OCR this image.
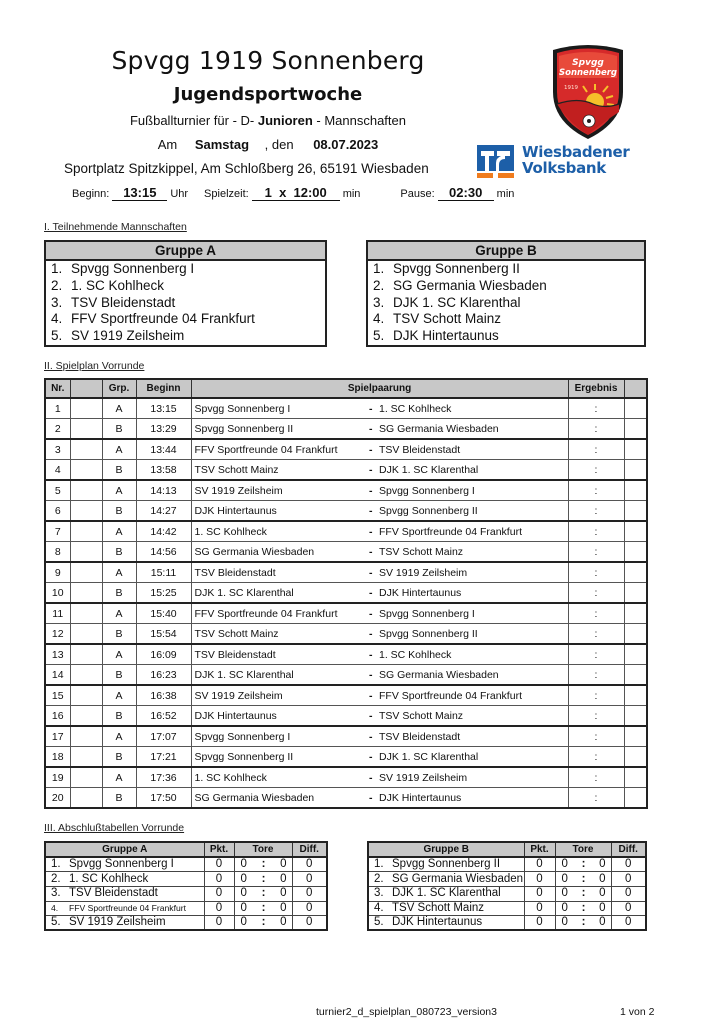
Spvgg 1919 Sonnenberg
Jugendsportwoche
Fußballturnier für - D- Junioren - Mannschaften
Am Samstag , den 08.07.2023
Sportplatz Spitzkippel, Am Schloßberg 26, 65191 Wiesbaden
Beginn:	13:15	Uhr Spielzeit:	1  x  12:00	min	Pause:	02:30	min
Spvgg
Sonnenberg
1919
Wiesbadener
Volksbank
I. Teilnehmende Mannschaften
Gruppe A
1. Spvgg Sonnenberg I
2. 1. SC Kohlheck
3. TSV Bleidenstadt
4. FFV Sportfreunde 04 Frankfurt
5. SV 1919 Zeilsheim
Gruppe B
1. Spvgg Sonnenberg II
2. SG Germania Wiesbaden
3. DJK 1. SC Klarenthal
4. TSV Schott Mainz
5. DJK Hintertaunus
II. Spielplan Vorrunde
Nr.		Grp.	Beginn	Spielpaarung		Ergebnis	
1		A	13:15	Spvgg Sonnenberg I	- 1. SC Kohlheck	:	
2		B	13:29	Spvgg Sonnenberg II	- SG Germania Wiesbaden	:	
3		A	13:44	FFV Sportfreunde 04 Frankfurt	- TSV Bleidenstadt	:	
4		B	13:58	TSV Schott Mainz	- DJK 1. SC Klarenthal	:	
5		A	14:13	SV 1919 Zeilsheim	- Spvgg Sonnenberg I	:	
6		B	14:27	DJK Hintertaunus	- Spvgg Sonnenberg II	:	
7		A	14:42	1. SC Kohlheck	- FFV Sportfreunde 04 Frankfurt	:	
8		B	14:56	SG Germania Wiesbaden	- TSV Schott Mainz	:	
9		A	15:11	TSV Bleidenstadt	- SV 1919 Zeilsheim	:	
10		B	15:25	DJK 1. SC Klarenthal	- DJK Hintertaunus	:	
11		A	15:40	FFV Sportfreunde 04 Frankfurt	- Spvgg Sonnenberg I	:	
12		B	15:54	TSV Schott Mainz	- Spvgg Sonnenberg II	:	
13		A	16:09	TSV Bleidenstadt	- 1. SC Kohlheck	:	
14		B	16:23	DJK 1. SC Klarenthal	- SG Germania Wiesbaden	:	
15		A	16:38	SV 1919 Zeilsheim	- FFV Sportfreunde 04 Frankfurt	:	
16		B	16:52	DJK Hintertaunus	- TSV Schott Mainz	:	
17		A	17:07	Spvgg Sonnenberg I	- TSV Bleidenstadt	:	
18		B	17:21	Spvgg Sonnenberg II	- DJK 1. SC Klarenthal	:	
19		A	17:36	1. SC Kohlheck	- SV 1919 Zeilsheim	:	
20		B	17:50	SG Germania Wiesbaden	- DJK Hintertaunus	:	
III. Abschlußtabellen Vorrunde
Gruppe A	Pkt.	Tore	Diff.
1. Spvgg Sonnenberg I	0	0 : 0	0
2. 1. SC Kohlheck	0	0 : 0	0
3. TSV Bleidenstadt	0	0 : 0	0
4. FFV Sportfreunde 04 Frankfurt	0	0 : 0	0
5. SV 1919 Zeilsheim	0	0 : 0	0
Gruppe B	Pkt.	Tore	Diff.
1. Spvgg Sonnenberg II	0	0 : 0	0
2. SG Germania Wiesbaden	0	0 : 0	0
3. DJK 1. SC Klarenthal	0	0 : 0	0
4. TSV Schott Mainz	0	0 : 0	0
5. DJK Hintertaunus	0	0 : 0	0
turnier2_d_spielplan_080723_version3	1 von 2
